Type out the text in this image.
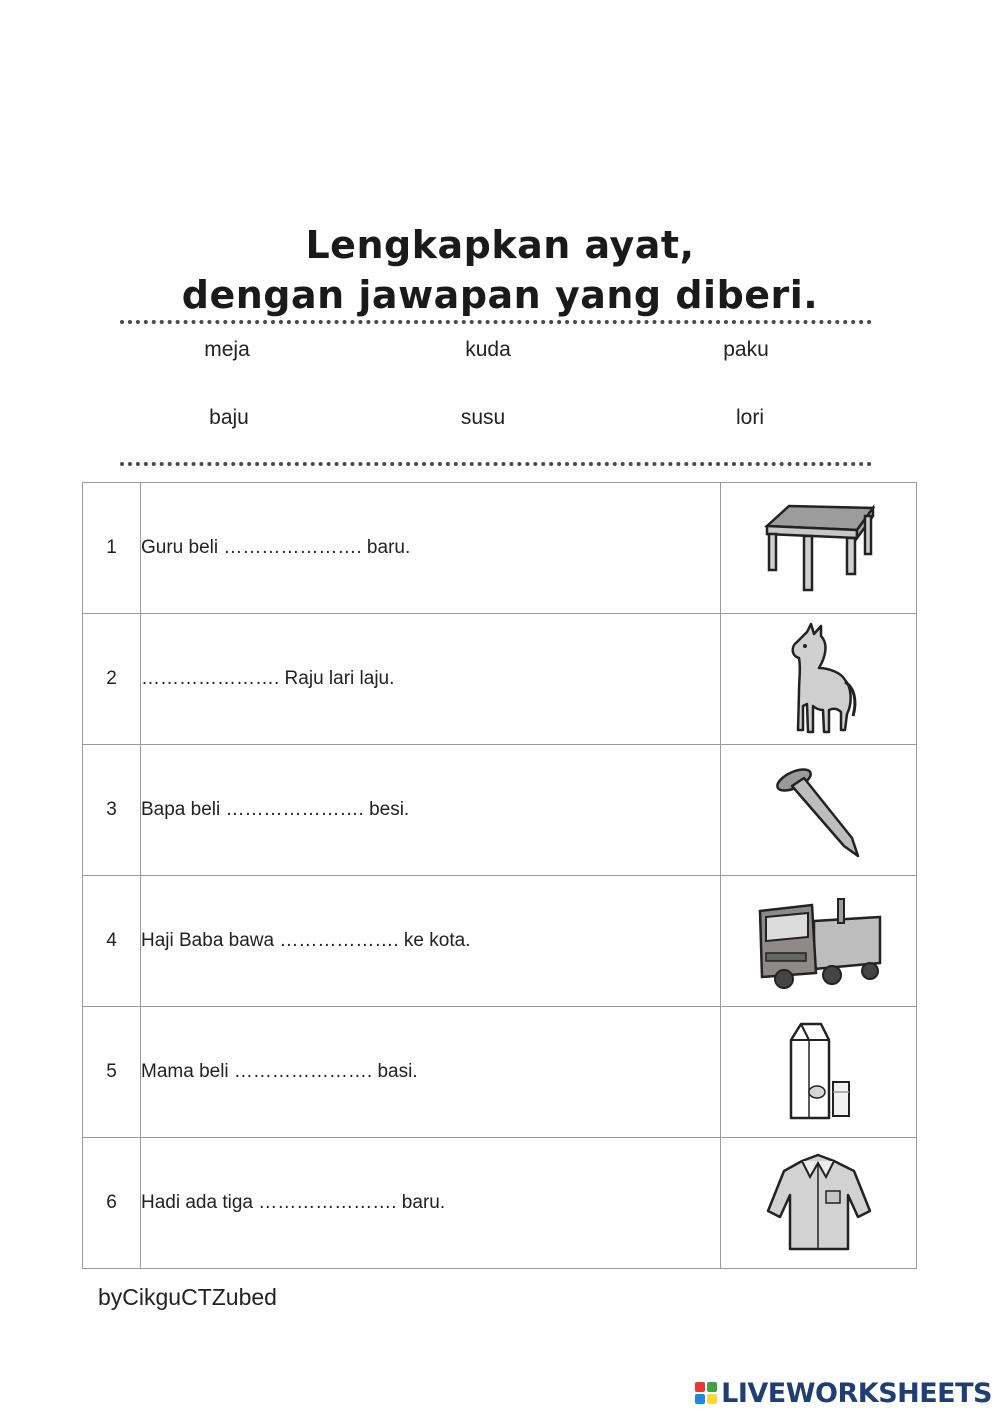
Lengkapkan ayat,
dengan jawapan yang diberi.
meja	kuda	paku
baju	susu	lori
1	Guru beli …………………. baru.	

2	…………………. Raju lari laju.	

3	Bapa beli …………………. besi.	

4	Haji Baba bawa ………………. ke kota.	

5	Mama beli …………………. basi.	

6	Hadi ada tiga …………………. baru.	
byCikguCTZubed
LIVEWORKSHEETS
